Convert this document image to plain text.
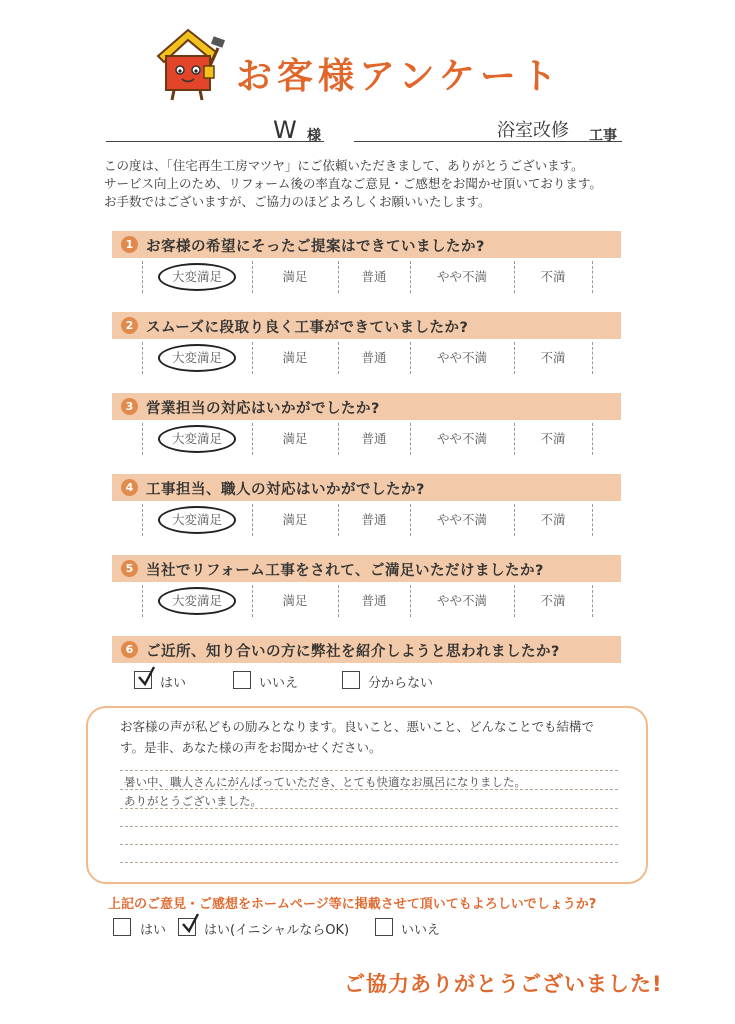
お客様アンケート
W 様	浴室改修 工事
この度は、「住宅再生工房マツヤ」にご依頼いただきまして、ありがとうございます。
サービス向上のため、リフォーム後の率直なご意見・ご感想をお聞かせ頂いております。
お手数ではございますが、ご協力のほどよろしくお願いいたします。
1 お客様の希望にそったご提案はできていましたか?
大変満足	満足	普通	やや不満	不満
2 スムーズに段取り良く工事ができていましたか?
大変満足	満足	普通	やや不満	不満
3 営業担当の対応はいかがでしたか?
大変満足	満足	普通	やや不満	不満
4 工事担当、職人の対応はいかがでしたか?
大変満足	満足	普通	やや不満	不満
5 当社でリフォーム工事をされて、ご満足いただけましたか?
大変満足	満足	普通	やや不満	不満
6 ご近所、知り合いの方に弊社を紹介しようと思われましたか?
はい	いいえ	分からない
お客様の声が私どもの励みとなります。良いこと、悪いこと、どんなことでも結構で
す。是非、あなた様の声をお聞かせください。
暑い中、職人さんにがんばっていただき、とても快適なお風呂になりました。
ありがとうございました。
上記のご意見・ご感想をホームページ等に掲載させて頂いてもよろしいでしょうか?
はい	はい(イニシャルならOK)	いいえ
ご協力ありがとうございました!
